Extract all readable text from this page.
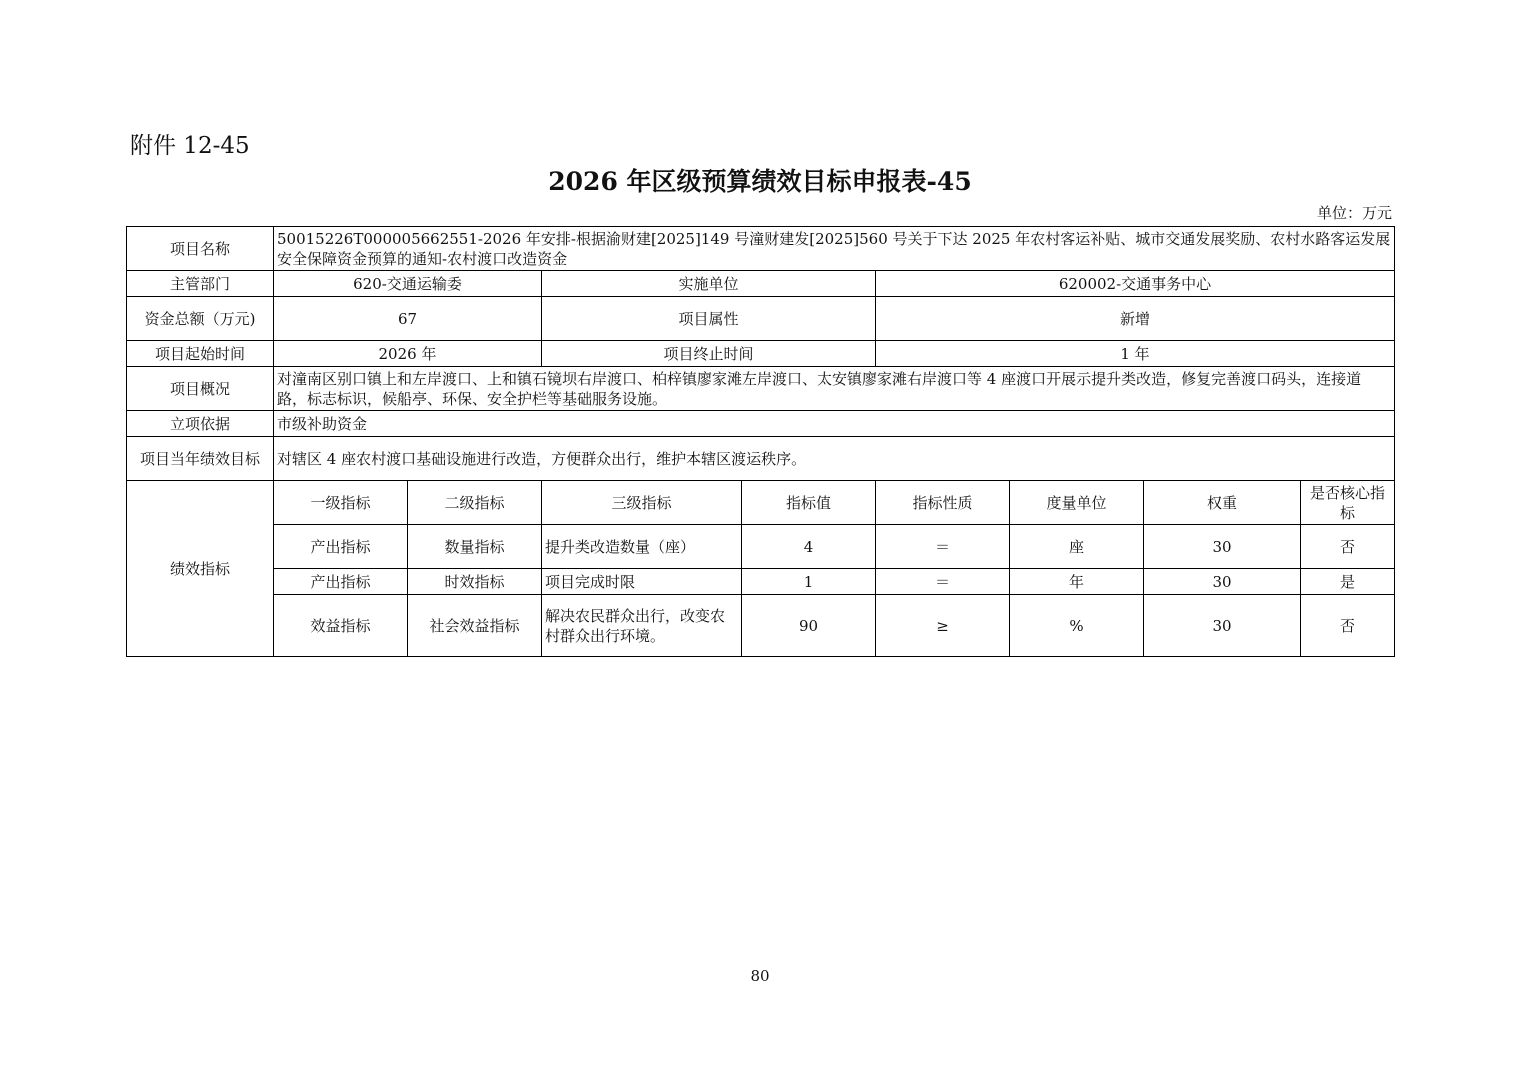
附件 12-45
2026 年区级预算绩效目标申报表-45
单位：万元
项目名称	50015226T000005662551-2026 年安排-根据渝财建[2025]149 号潼财建发[2025]560 号关于下达 2025 年农村客运补贴、城市交通发展奖励、农村水路客运发展安全保障资金预算的通知-农村渡口改造资金							
主管部门	620-交通运输委		实施单位		620002-交通事务中心			
资金总额（万元)	67		项目属性		新增			
项目起始时间	2026 年		项目终止时间		1 年			
项目概况	对潼南区别口镇上和左岸渡口、上和镇石镜坝右岸渡口、柏梓镇廖家滩左岸渡口、太安镇廖家滩右岸渡口等 4 座渡口开展示提升类改造，修复完善渡口码头，连接道路，标志标识，候船亭、环保、安全护栏等基础服务设施。							
立项依据	市级补助资金							
项目当年绩效目标	对辖区 4 座农村渡口基础设施进行改造，方便群众出行，维护本辖区渡运秩序。							
绩效指标	一级指标	二级指标	三级指标	指标值	指标性质	度量单位	权重	是否核心指标
	产出指标	数量指标	提升类改造数量（座）	4	＝	座	30	否
	产出指标	时效指标	项目完成时限	1	＝	年	30	是
	效益指标	社会效益指标	解决农民群众出行，改变农村群众出行环境。	90	≥	%	30	否
80
